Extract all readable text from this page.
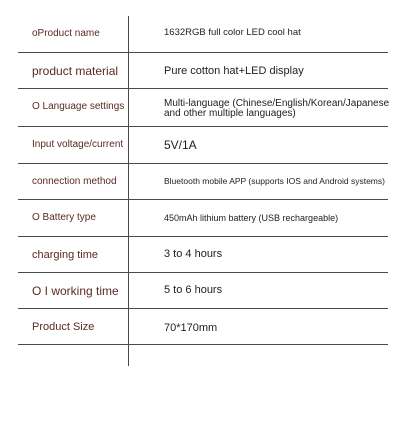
oProduct name	1632RGB full color LED cool hat
product material	Pure cotton hat+LED display
O Language settings	Multi-language (Chinese/English/Korean/Japanese and other multiple languages)
Input voltage/current	5V/1A
connection method	Bluetooth mobile APP (supports IOS and Android systems)
O Battery type	450mAh lithium battery (USB rechargeable)
charging time	3 to 4 hours
O I working time	5 to 6 hours
Product Size	70*170mm
